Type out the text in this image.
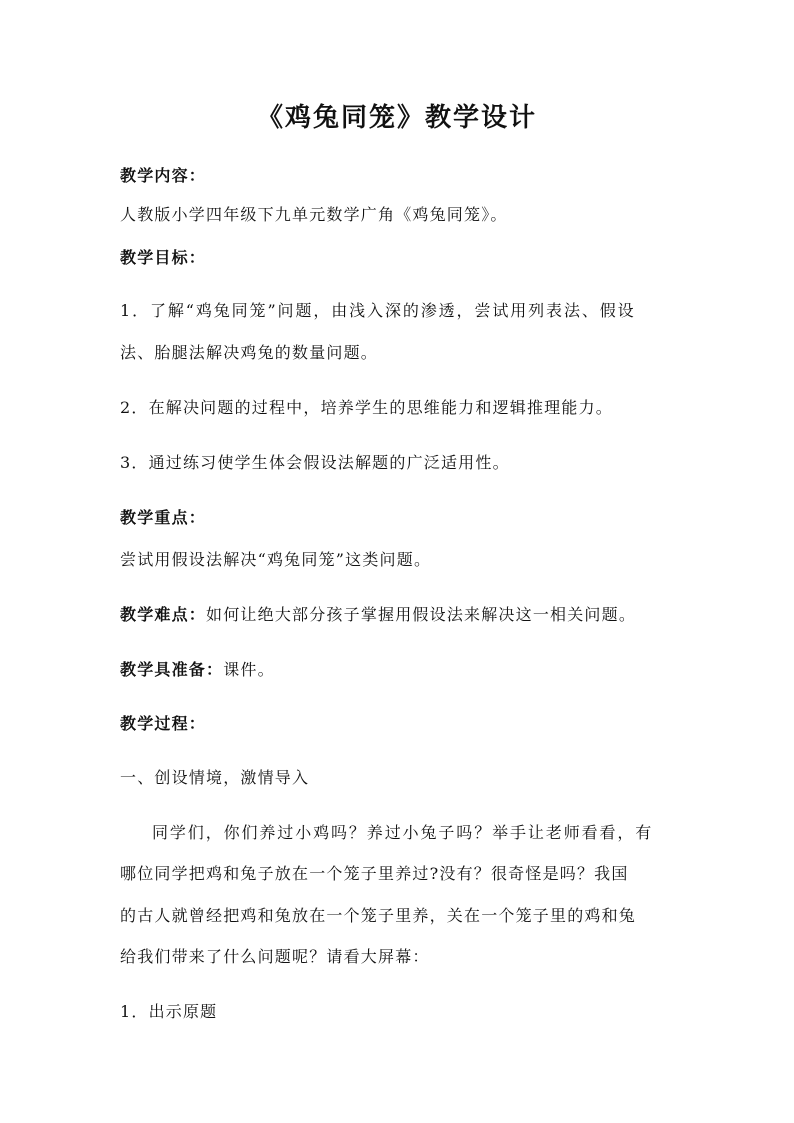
《鸡兔同笼》教学设计
教学内容：
人教版小学四年级下九单元数学广角《鸡兔同笼》。
教学目标：
1．了解“鸡兔同笼”问题，由浅入深的渗透，尝试用列表法、假设
法、胎腿法解决鸡兔的数量问题。
2．在解决问题的过程中，培养学生的思维能力和逻辑推理能力。
3．通过练习使学生体会假设法解题的广泛适用性。
教学重点：
尝试用假设法解决“鸡兔同笼”这类问题。
教学难点：如何让绝大部分孩子掌握用假设法来解决这一相关问题。
教学具准备：课件。
教学过程：
一、创设情境，激情导入
同学们，你们养过小鸡吗？养过小兔子吗？举手让老师看看，有
哪位同学把鸡和兔子放在一个笼子里养过?没有？很奇怪是吗？我国
的古人就曾经把鸡和兔放在一个笼子里养，关在一个笼子里的鸡和兔
给我们带来了什么问题呢？请看大屏幕：
1．出示原题
